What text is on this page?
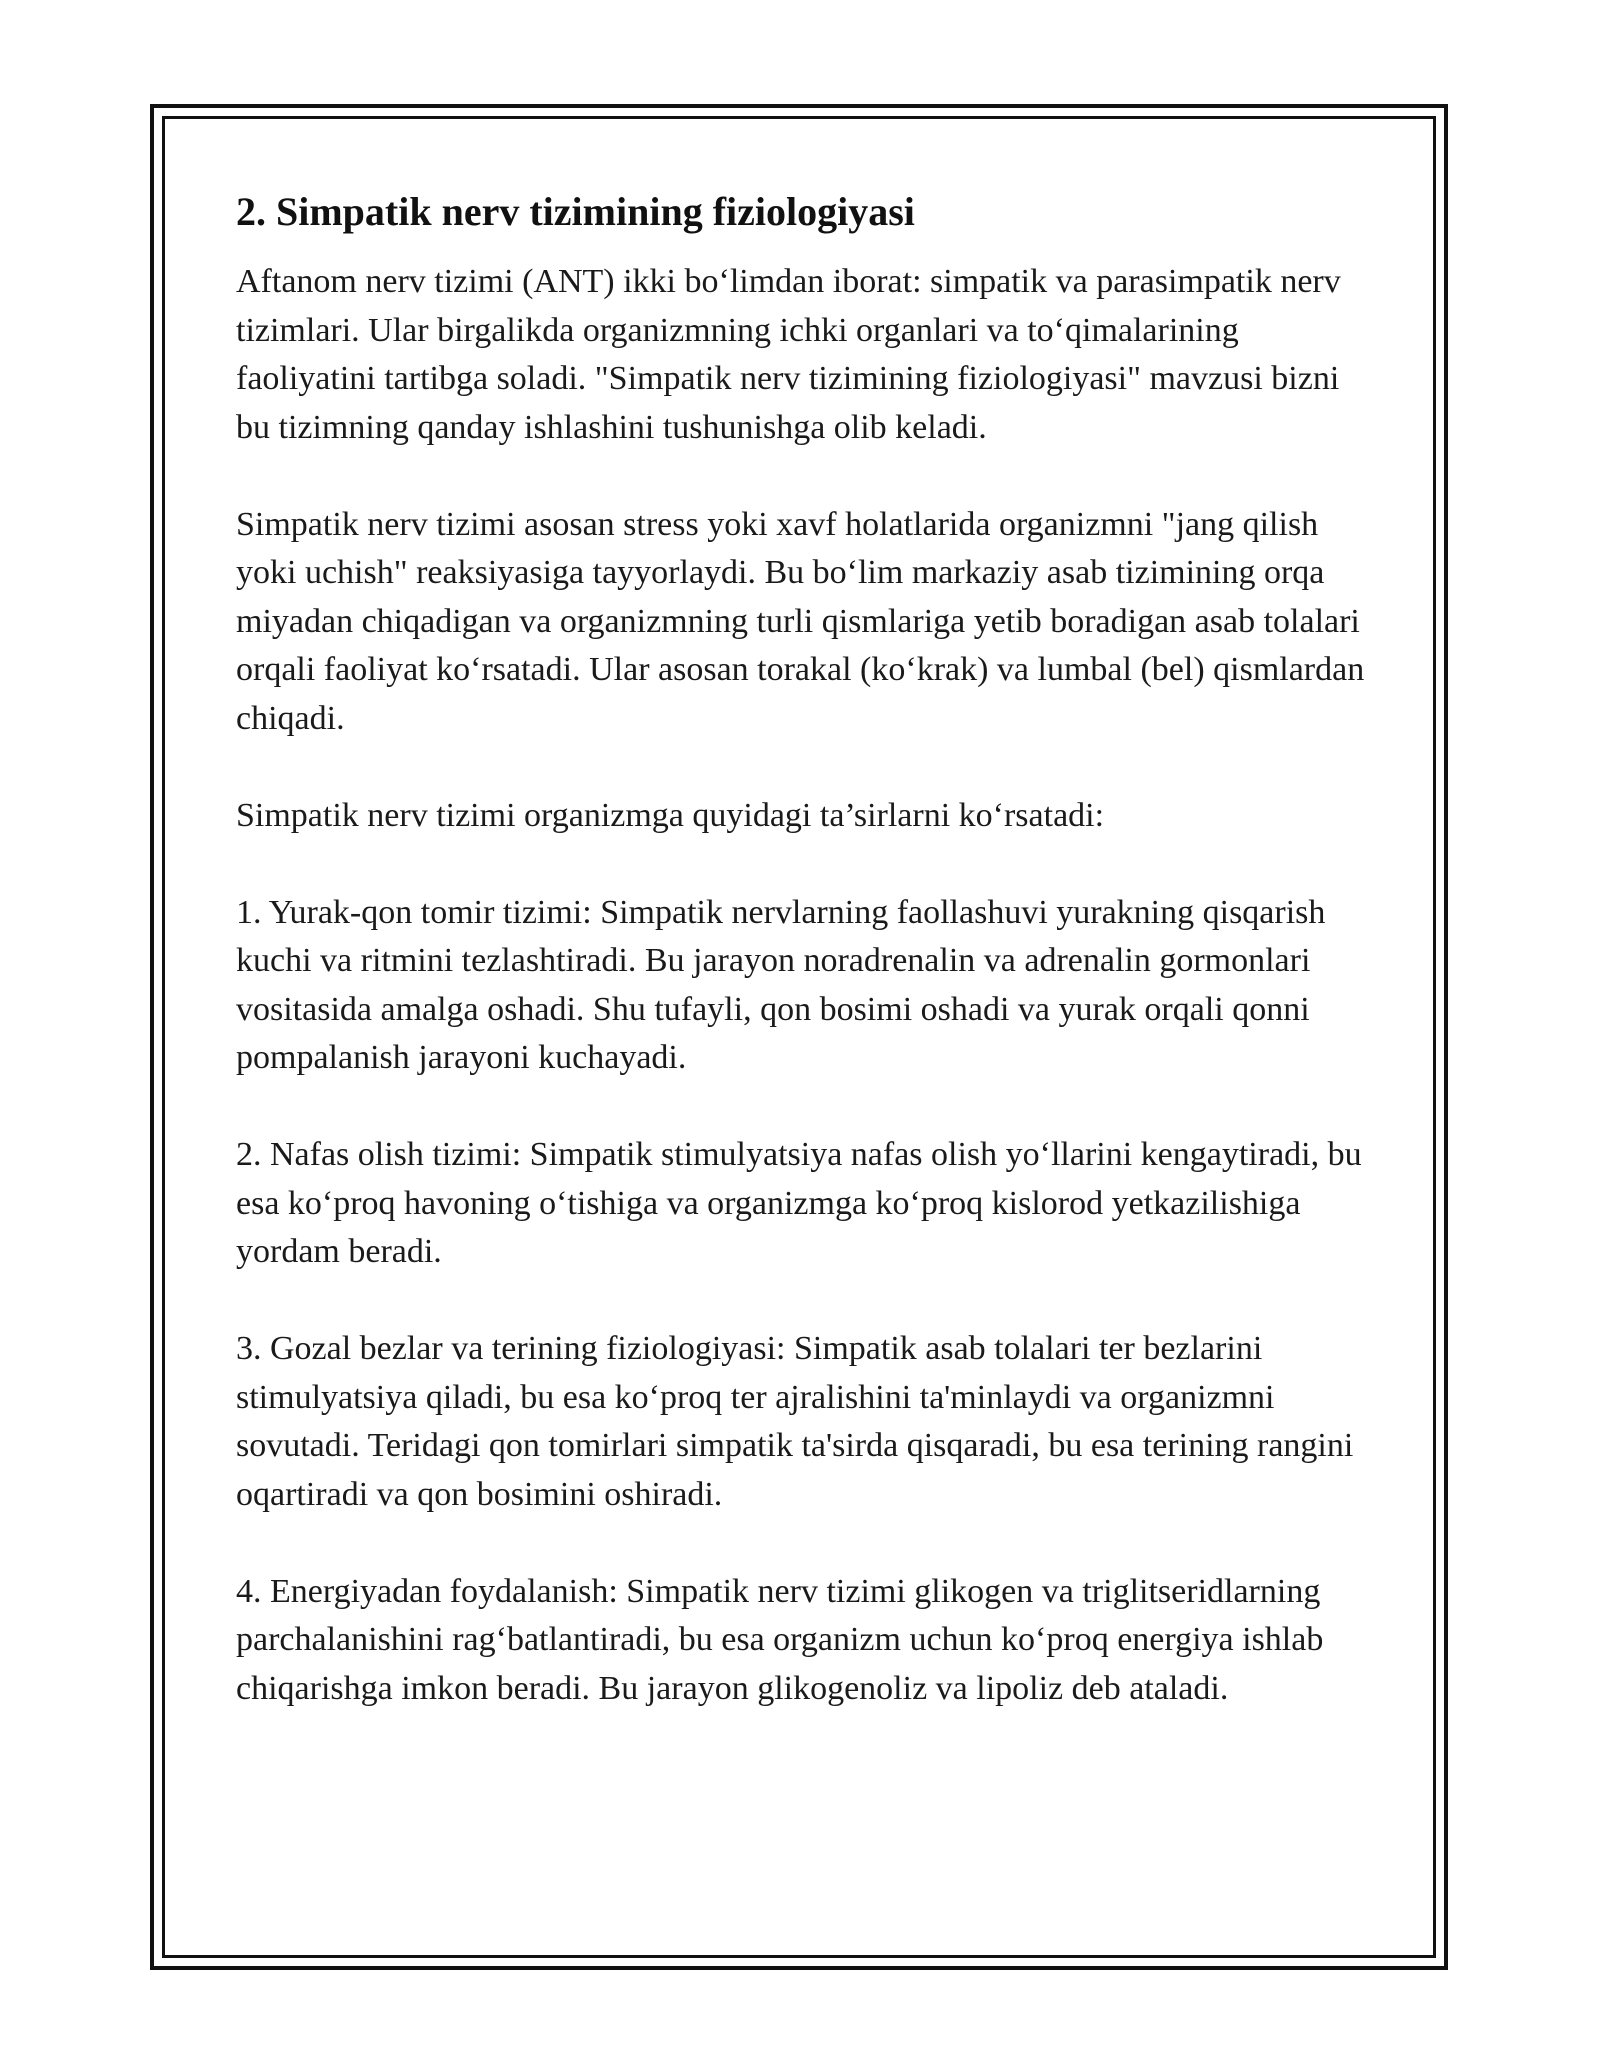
2. Simpatik nerv tizimining fiziologiyasi

Aftanom nerv tizimi (ANT) ikki bo‘limdan iborat: simpatik va parasimpatik nerv tizimlari. Ular birgalikda organizmning ichki organlari va to‘qimalarining faoliyatini tartibga soladi. "Simpatik nerv tizimining fiziologiyasi" mavzusi bizni bu tizimning qanday ishlashini tushunishga olib keladi.

Simpatik nerv tizimi asosan stress yoki xavf holatlarida organizmni "jang qilish yoki uchish" reaksiyasiga tayyorlaydi. Bu bo‘lim markaziy asab tizimining orqa miyadan chiqadigan va organizmning turli qismlariga yetib boradigan asab tolalari orqali faoliyat ko‘rsatadi. Ular asosan torakal (ko‘krak) va lumbal (bel) qismlardan chiqadi.

Simpatik nerv tizimi organizmga quyidagi ta’sirlarni ko‘rsatadi:

1. Yurak-qon tomir tizimi: Simpatik nervlarning faollashuvi yurakning qisqarish kuchi va ritmini tezlashtiradi. Bu jarayon noradrenalin va adrenalin gormonlari vositasida amalga oshadi. Shu tufayli, qon bosimi oshadi va yurak orqali qonni pompalanish jarayoni kuchayadi.

2. Nafas olish tizimi: Simpatik stimulyatsiya nafas olish yo‘llarini kengaytiradi, bu esa ko‘proq havoning o‘tishiga va organizmga ko‘proq kislorod yetkazilishiga yordam beradi.

3. Gozal bezlar va terining fiziologiyasi: Simpatik asab tolalari ter bezlarini stimulyatsiya qiladi, bu esa ko‘proq ter ajralishini ta'minlaydi va organizmni sovutadi. Teridagi qon tomirlari simpatik ta'sirda qisqaradi, bu esa terining rangini oqartiradi va qon bosimini oshiradi.

4. Energiyadan foydalanish: Simpatik nerv tizimi glikogen va triglitseridlarning parchalanishini rag‘batlantiradi, bu esa organizm uchun ko‘proq energiya ishlab chiqarishga imkon beradi. Bu jarayon glikogenoliz va lipoliz deb ataladi.
